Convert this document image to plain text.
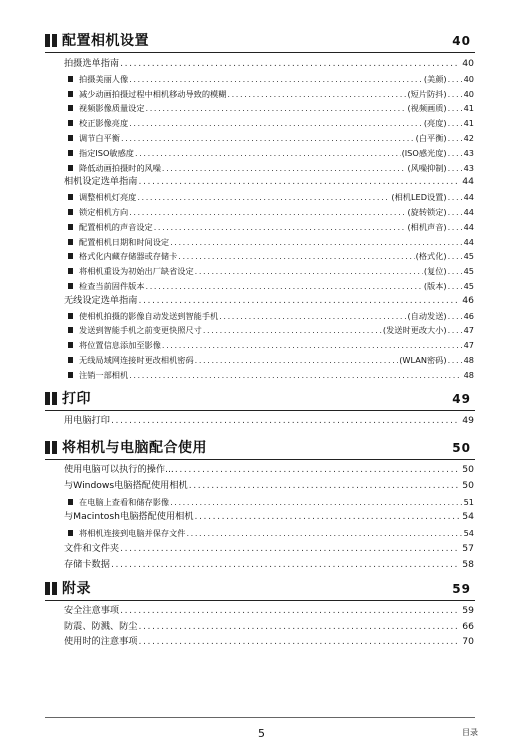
配置相机设置	40
拍摄选单指南 .....	40
拍摄美丽人像 .....	(美颜) ..... 40
减少动画拍摄过程中相机移动导致的模糊 .....	(短片防抖) ..... 40
视频影像质量设定 .....	(视频画质) ..... 41
校正影像亮度 .....	(亮度) ..... 41
调节白平衡 .....	(白平衡) ..... 42
指定ISO敏感度 .....	(ISO感光度) ..... 43
降低动画拍摄时的风噪 .....	(风噪抑制) ..... 43
相机设定选单指南 .....	44
调整相机灯亮度 .....	(相机LED设置) ..... 44
锁定相机方向 .....	(旋转锁定) ..... 44
配置相机的声音设定 .....	(相机声音) ..... 44
配置相机日期和时间设定 .....	44
格式化内藏存储器或存储卡 .....	(格式化) ..... 45
将相机重设为初始出厂缺省设定 .....	(复位) ..... 45
检查当前固件版本 .....	(版本) ..... 45
无线设定选单指南 .....	46
使相机拍摄的影像自动发送到智能手机 .....	(自动发送) ..... 46
发送到智能手机之前变更快照尺寸 .....	(发送时更改大小) ..... 47
将位置信息添加至影像 .....	47
无线局域网连接时更改相机密码 .....	(WLAN密码) ..... 48
注销一部相机 .....	48
打印	49
用电脑打印 .....	49
将相机与电脑配合使用	50
使用电脑可以执行的操作... .....	50
与Windows电脑搭配使用相机 .....	50
在电脑上查看和储存影像 .....	51
与Macintosh电脑搭配使用相机 .....	54
将相机连接到电脑并保存文件 .....	54
文件和文件夹 .....	57
存储卡数据 .....	58
附录	59
安全注意事项 .....	59
防震、防溅、防尘 .....	66
使用时的注意事项 .....	70
5	目录
